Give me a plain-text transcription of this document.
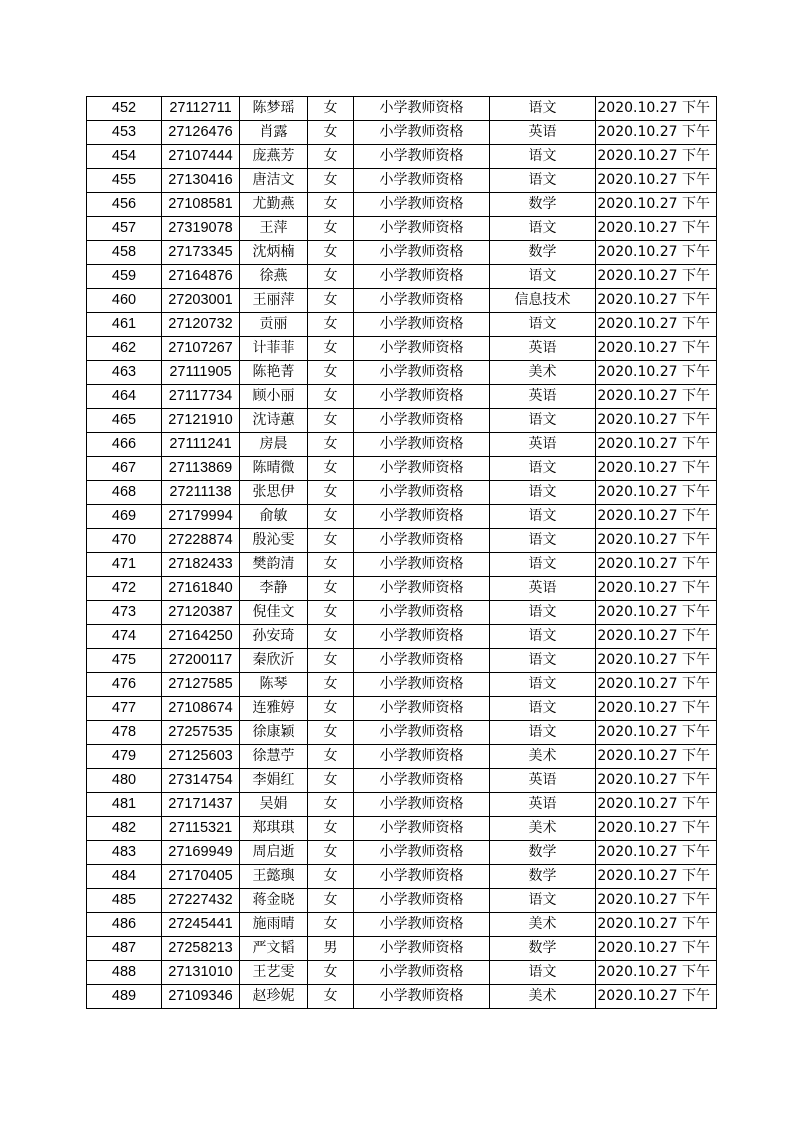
452	27112711	陈梦瑶	女	小学教师资格	语文	2020.10.27 下午
453	27126476	肖露	女	小学教师资格	英语	2020.10.27 下午
454	27107444	庞燕芳	女	小学教师资格	语文	2020.10.27 下午
455	27130416	唐洁文	女	小学教师资格	语文	2020.10.27 下午
456	27108581	尤勤燕	女	小学教师资格	数学	2020.10.27 下午
457	27319078	王萍	女	小学教师资格	语文	2020.10.27 下午
458	27173345	沈炳楠	女	小学教师资格	数学	2020.10.27 下午
459	27164876	徐燕	女	小学教师资格	语文	2020.10.27 下午
460	27203001	王丽萍	女	小学教师资格	信息技术	2020.10.27 下午
461	27120732	贡丽	女	小学教师资格	语文	2020.10.27 下午
462	27107267	计菲菲	女	小学教师资格	英语	2020.10.27 下午
463	27111905	陈艳菁	女	小学教师资格	美术	2020.10.27 下午
464	27117734	顾小丽	女	小学教师资格	英语	2020.10.27 下午
465	27121910	沈诗蕙	女	小学教师资格	语文	2020.10.27 下午
466	27111241	房晨	女	小学教师资格	英语	2020.10.27 下午
467	27113869	陈晴微	女	小学教师资格	语文	2020.10.27 下午
468	27211138	张思伊	女	小学教师资格	语文	2020.10.27 下午
469	27179994	俞敏	女	小学教师资格	语文	2020.10.27 下午
470	27228874	殷沁雯	女	小学教师资格	语文	2020.10.27 下午
471	27182433	樊韵清	女	小学教师资格	语文	2020.10.27 下午
472	27161840	李静	女	小学教师资格	英语	2020.10.27 下午
473	27120387	倪佳文	女	小学教师资格	语文	2020.10.27 下午
474	27164250	孙安琦	女	小学教师资格	语文	2020.10.27 下午
475	27200117	秦欣沂	女	小学教师资格	语文	2020.10.27 下午
476	27127585	陈琴	女	小学教师资格	语文	2020.10.27 下午
477	27108674	连雅婷	女	小学教师资格	语文	2020.10.27 下午
478	27257535	徐康颖	女	小学教师资格	语文	2020.10.27 下午
479	27125603	徐慧苧	女	小学教师资格	美术	2020.10.27 下午
480	27314754	李娟红	女	小学教师资格	英语	2020.10.27 下午
481	27171437	吴娟	女	小学教师资格	英语	2020.10.27 下午
482	27115321	郑琪琪	女	小学教师资格	美术	2020.10.27 下午
483	27169949	周启逝	女	小学教师资格	数学	2020.10.27 下午
484	27170405	王懿璵	女	小学教师资格	数学	2020.10.27 下午
485	27227432	蒋金晓	女	小学教师资格	语文	2020.10.27 下午
486	27245441	施雨晴	女	小学教师资格	美术	2020.10.27 下午
487	27258213	严文韬	男	小学教师资格	数学	2020.10.27 下午
488	27131010	王艺雯	女	小学教师资格	语文	2020.10.27 下午
489	27109346	赵珍妮	女	小学教师资格	美术	2020.10.27 下午
